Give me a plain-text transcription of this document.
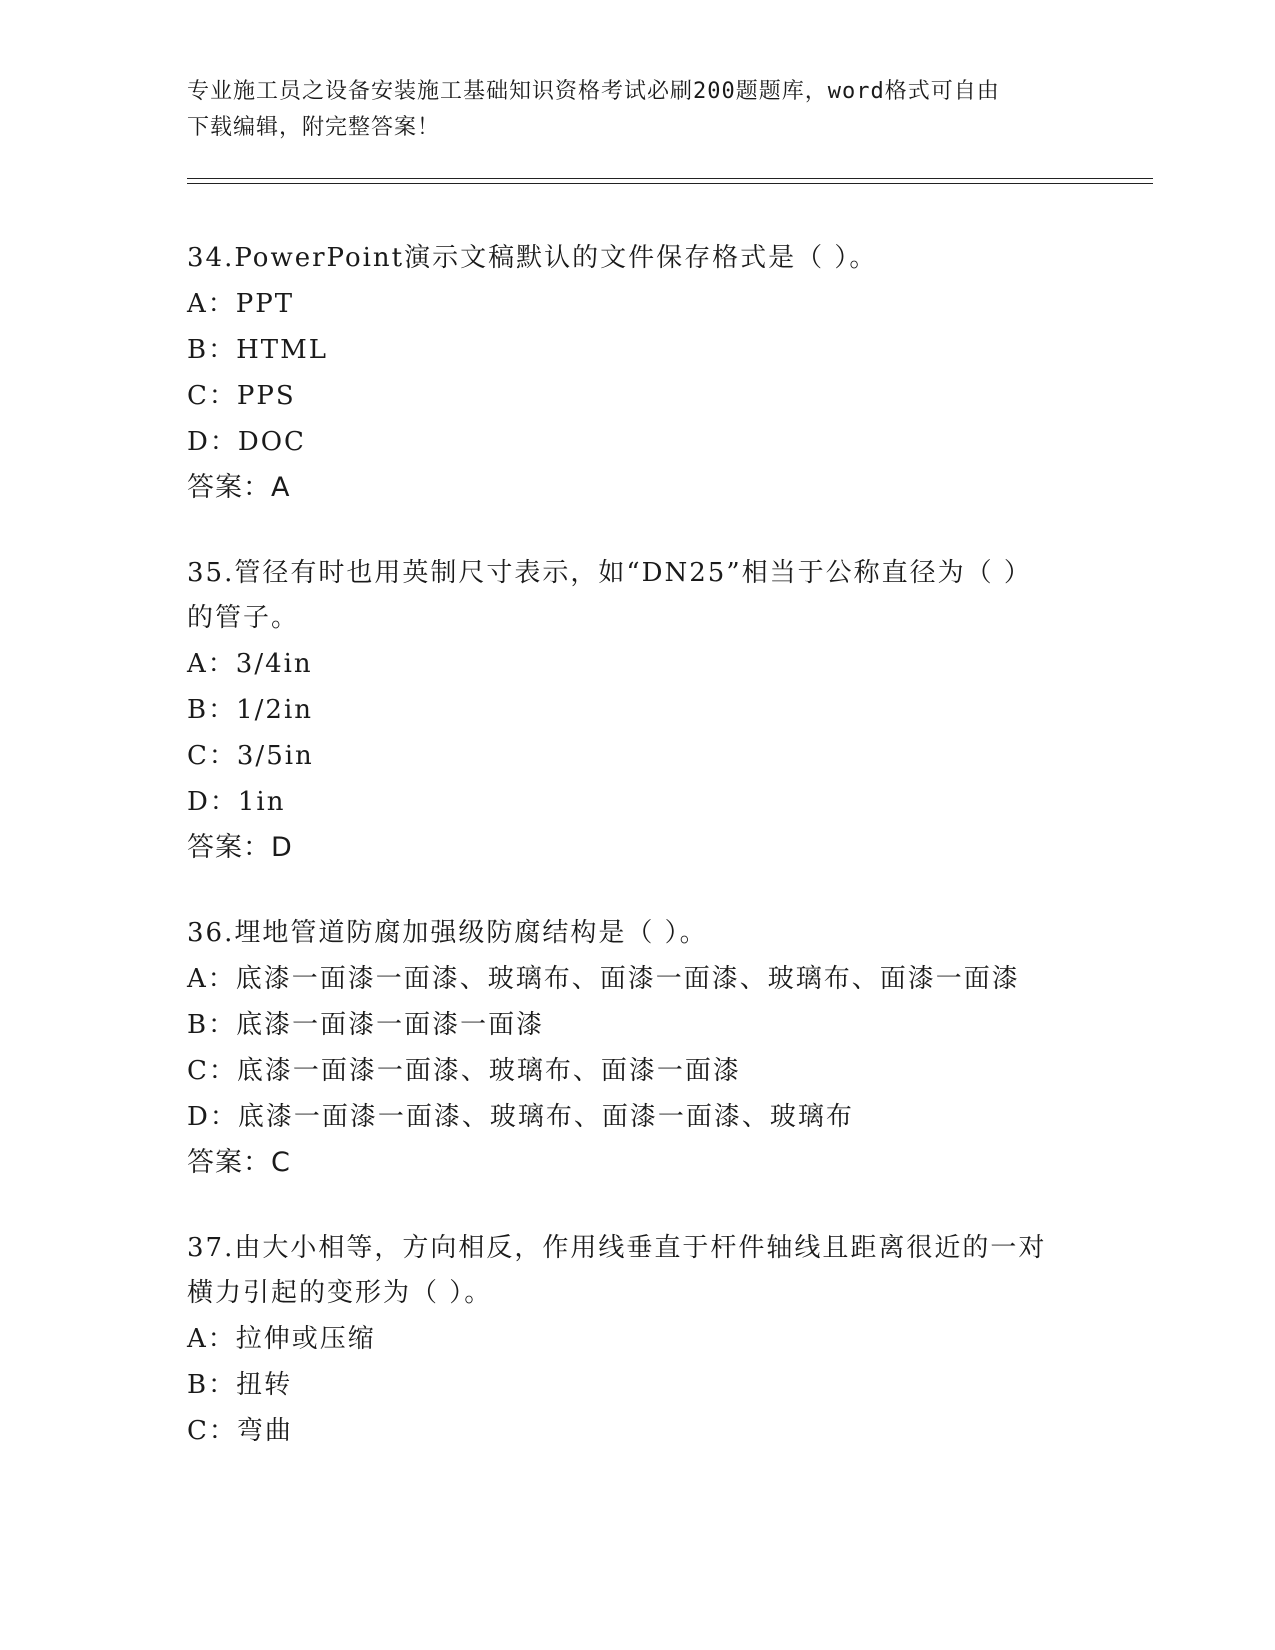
专业施工员之设备安装施工基础知识资格考试必刷200题题库，word格式可自由
下载编辑，附完整答案！
34.PowerPoint演示文稿默认的文件保存格式是（ ）。
A：PPT
B：HTML
C：PPS
D：DOC
答案：A
35.管径有时也用英制尺寸表示，如“DN25”相当于公称直径为（ ）
的管子。
A：3/4in
B：1/2in
C：3/5in
D：1in
答案：D
36.埋地管道防腐加强级防腐结构是（ ）。
A：底漆一面漆一面漆、玻璃布、面漆一面漆、玻璃布、面漆一面漆
B：底漆一面漆一面漆一面漆
C：底漆一面漆一面漆、玻璃布、面漆一面漆
D：底漆一面漆一面漆、玻璃布、面漆一面漆、玻璃布
答案：C
37.由大小相等，方向相反，作用线垂直于杆件轴线且距离很近的一对
横力引起的变形为（ ）。
A：拉伸或压缩
B：扭转
C：弯曲
